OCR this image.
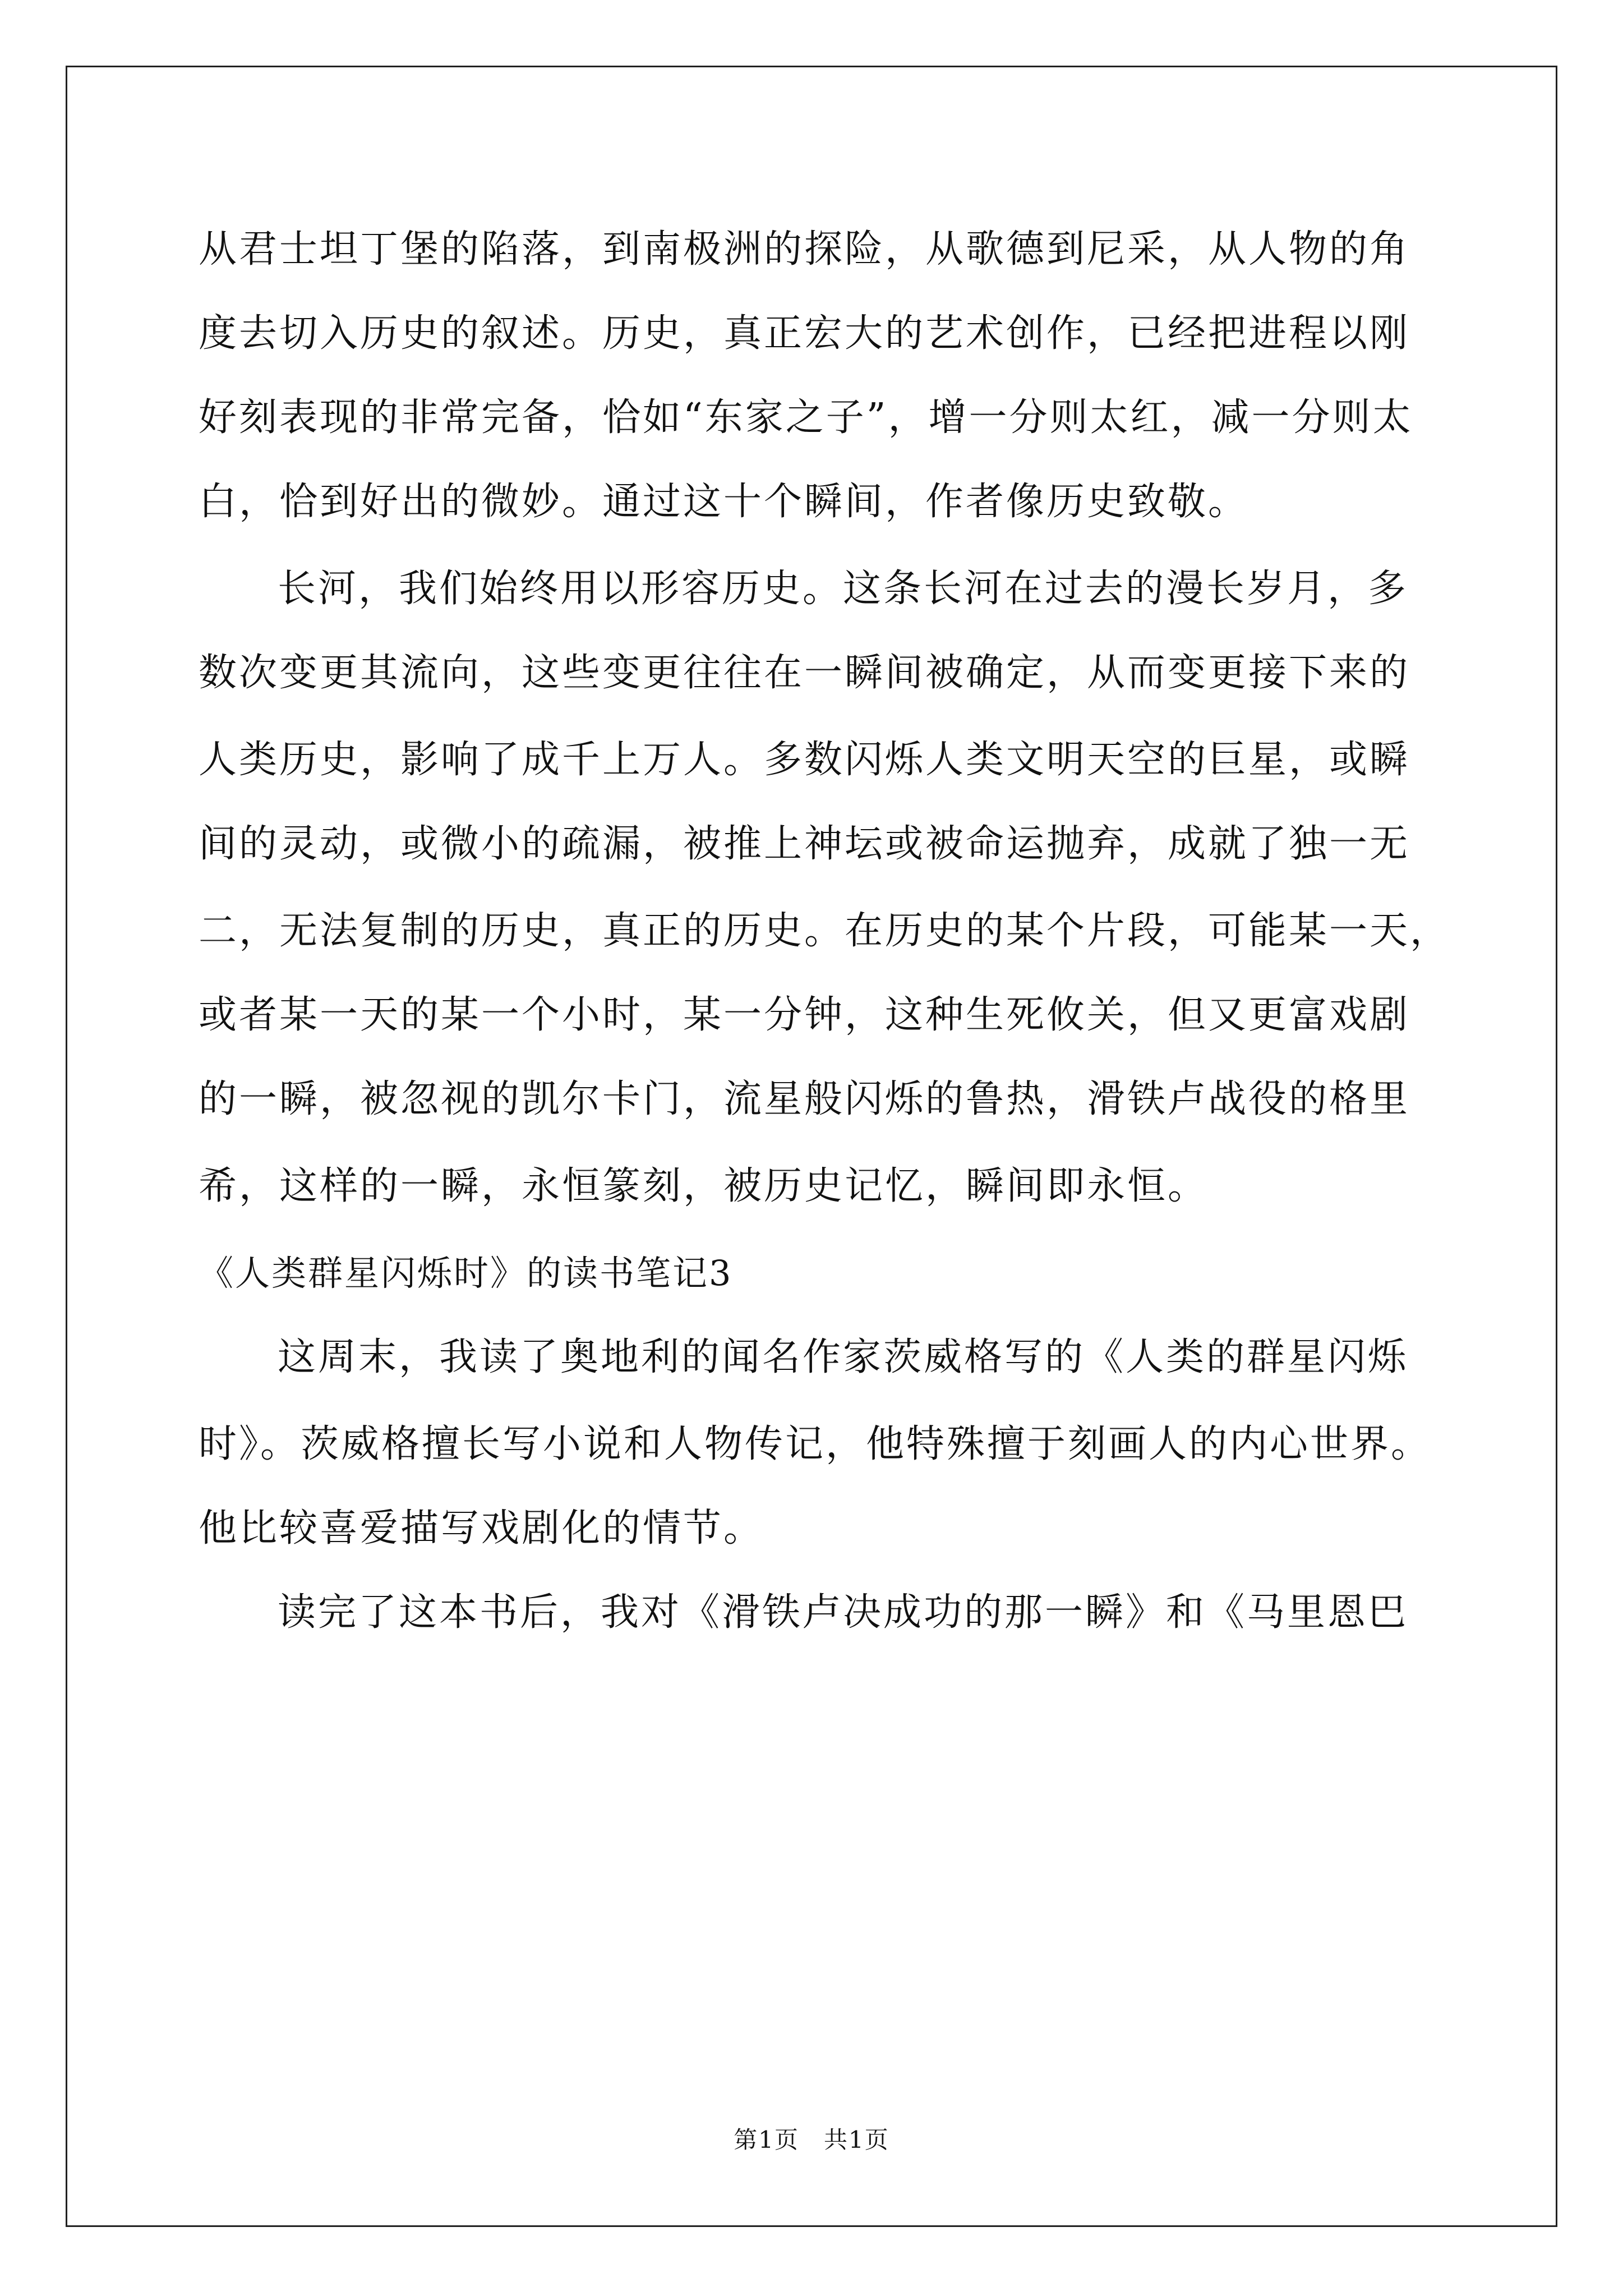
从君士坦丁堡的陷落，到南极洲的探险，从歌德到尼采，从人物的角

度去切入历史的叙述。历史，真正宏大的艺术创作，已经把进程以刚

好刻表现的非常完备，恰如“东家之子”，增一分则太红，减一分则太

白，恰到好出的微妙。通过这十个瞬间，作者像历史致敬。

长河，我们始终用以形容历史。这条长河在过去的漫长岁月，多

数次变更其流向，这些变更往往在一瞬间被确定，从而变更接下来的

人类历史，影响了成千上万人。多数闪烁人类文明天空的巨星，或瞬

间的灵动，或微小的疏漏，被推上神坛或被命运抛弃，成就了独一无

二，无法复制的历史，真正的历史。在历史的某个片段，可能某一天，

或者某一天的某一个小时，某一分钟，这种生死攸关，但又更富戏剧

的一瞬，被忽视的凯尔卡门，流星般闪烁的鲁热，滑铁卢战役的格里

希，这样的一瞬，永恒篆刻，被历史记忆，瞬间即永恒。

《人类群星闪烁时》的读书笔记3

这周末，我读了奥地利的闻名作家茨威格写的《人类的群星闪烁

时》。茨威格擅长写小说和人物传记，他特殊擅于刻画人的内心世界。

他比较喜爱描写戏剧化的情节。

读完了这本书后，我对《滑铁卢决成功的那一瞬》和《马里恩巴

第1页　共1页
